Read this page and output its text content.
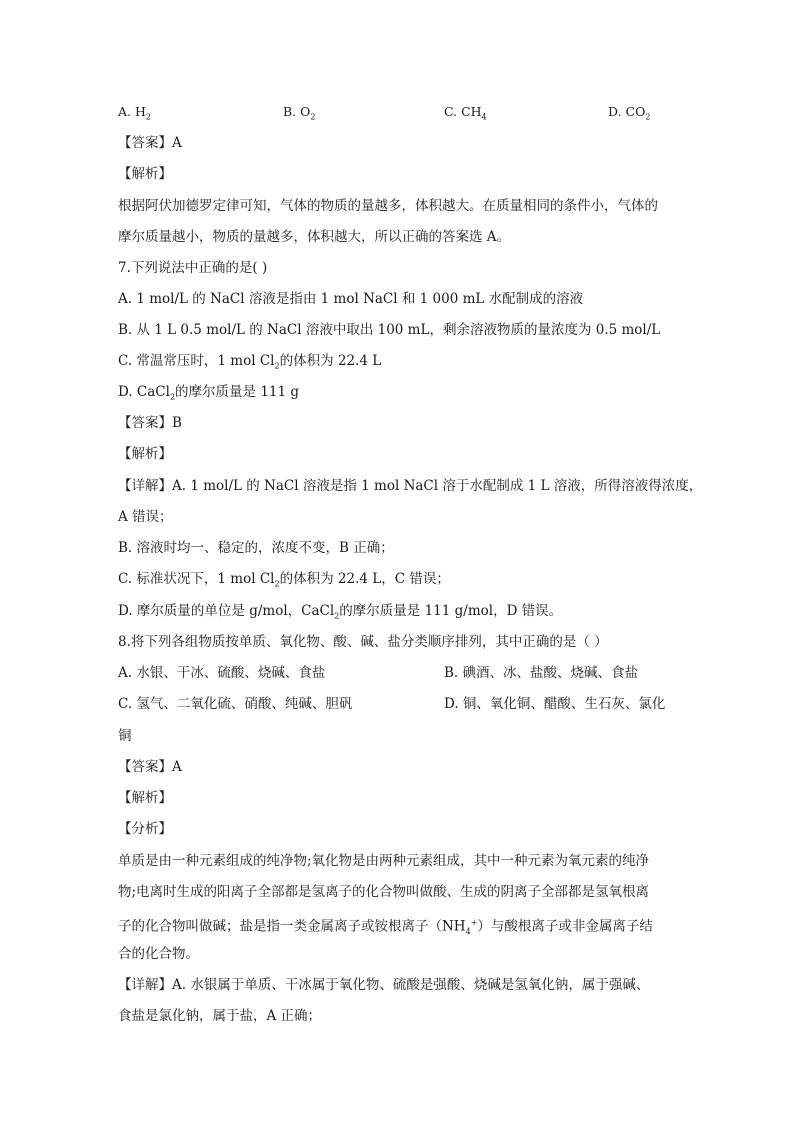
A. $H_2$	B. $O_2$	C. $CH_4$	D. $CO_2$
【答案】A
【解析】
根据阿伏加德罗定律可知，气体的物质的量越多，体积越大。在质量相同的条件小，气体的
摩尔质量越小，物质的量越多，体积越大，所以正确的答案选 A。
7.下列说法中正确的是( )
A. 1 mol/L 的 NaCl 溶液是指由 1 mol NaCl 和 1 000 mL 水配制成的溶液
B. 从 1 L 0.5 mol/L 的 NaCl 溶液中取出 100 mL，剩余溶液物质的量浓度为 0.5 mol/L
C. 常温常压时，1 mol $Cl_2$的体积为 22.4 L
D. CaCl$_2$的摩尔质量是 111 g
【答案】B
【解析】
【详解】A. 1 mol/L 的 NaCl 溶液是指 1 mol NaCl 溶于水配制成 1 L 溶液，所得溶液得浓度，
A 错误；
B. 溶液时均一、稳定的，浓度不变，B 正确；
C. 标准状况下，1 mol $Cl_2$的体积为 22.4 L，C 错误；
D. 摩尔质量的单位是 g/mol，CaCl$_2$的摩尔质量是 111 g/mol，D 错误。
8.将下列各组物质按单质、氧化物、酸、碱、盐分类顺序排列，其中正确的是（ ）
A. 水银、干冰、硫酸、烧碱、食盐	B. 碘酒、冰、盐酸、烧碱、食盐
C. 氢气、二氧化硫、硝酸、纯碱、胆矾	D. 铜、氧化铜、醋酸、生石灰、氯化
铜
【答案】A
【解析】
【分析】
单质是由一种元素组成的纯净物;氧化物是由两种元素组成，其中一种元素为氧元素的纯净
物;电离时生成的阳离子全部都是氢离子的化合物叫做酸、生成的阴离子全部都是氢氧根离
子的化合物叫做碱；盐是指一类金属离子或铵根离子$(NH_4^+)$与酸根离子或非金属离子结
合的化合物。
【详解】A. 水银属于单质、干冰属于氧化物、硫酸是强酸、烧碱是氢氧化钠，属于强碱、
食盐是氯化钠，属于盐，A 正确；
